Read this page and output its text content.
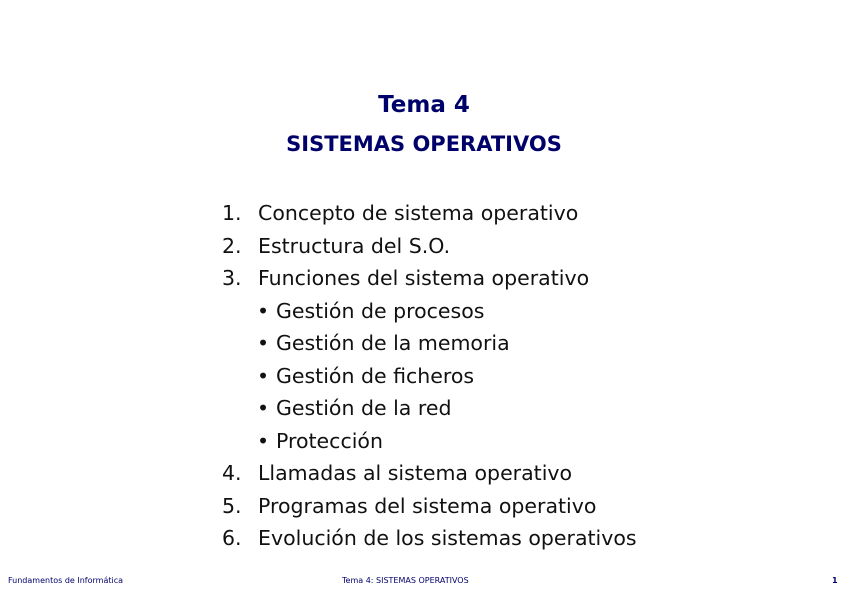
Tema 4
SISTEMAS OPERATIVOS
1. Concepto de sistema operativo
2. Estructura del S.O.
3. Funciones del sistema operativo
• Gestión de procesos
• Gestión de la memoria
• Gestión de ficheros
• Gestión de la red
• Protección
4. Llamadas al sistema operativo
5. Programas del sistema operativo
6. Evolución de los sistemas operativos
Fundamentos de Informática	Tema 4: SISTEMAS OPERATIVOS	1
